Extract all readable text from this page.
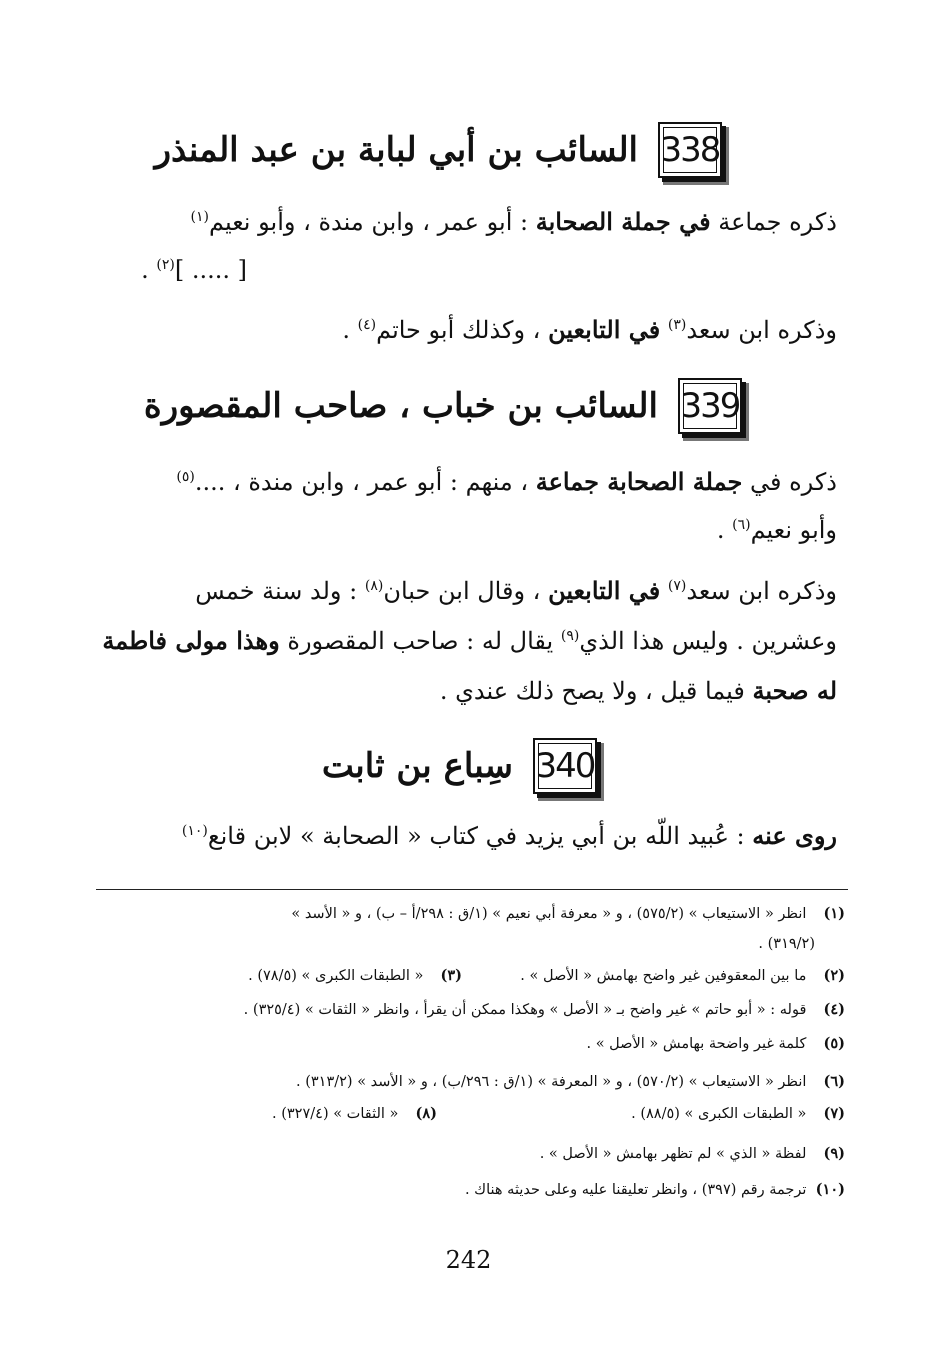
338
السائب بن أبي لبابة بن عبد المنذر
ذكره جماعة في جملة الصحابة : أبو عمر ، وابن مندة ، وأبو نعيم$^{(١)}$
[ ..... ]$^{(٢)}$ .
وذكره ابن سعد$^{(٣)}$ في التابعين ، وكذلك أبو حاتم$^{(٤)}$ .
339
السائب بن خباب ، صاحب المقصورة
ذكره في جملة الصحابة جماعة ، منهم : أبو عمر ، وابن مندة ، ....$^{(٥)}$
وأبو نعيم$^{(٦)}$ .
وذكره ابن سعد$^{(٧)}$ في التابعين ، وقال ابن حبان$^{(٨)}$ : ولد سنة خمس
وعشرين . وليس هذا الذي$^{(٩)}$ يقال له : صاحب المقصورة وهذا مولى فاطمة
له صحبة فيما قيل ، ولا يصح ذلك عندي .
340
سِباع بن ثابت
روى عنه : عُبيد اللّه بن أبي يزيد في كتاب « الصحابة » لابن قانع$^{(١٠)}$
(١) انظر « الاستيعاب » (٥٧٥/٢) ، و « معرفة أبي نعيم » (١/ق : ٢٩٨/أ – ب) ، و « الأسد »
(٣١٩/٢) .
(٢) ما بين المعقوفين غير واضح بهامش « الأصل » .
(٣) « الطبقات الكبرى » (٧٨/٥) .
(٤) قوله : « أبو حاتم » غير واضح بـ « الأصل » وهكذا ممكن أن يقرأ ، وانظر « الثقات » (٣٢٥/٤) .
(٥) كلمة غير واضحة بهامش « الأصل » .
(٦) انظر « الاستيعاب » (٥٧٠/٢) ، و « المعرفة » (١/ق : ٢٩٦/ب) ، و « الأسد » (٣١٣/٢) .
(٧) « الطبقات الكبرى » (٨٨/٥) .
(٨) « الثقات » (٣٢٧/٤) .
(٩) لفظة « الذي » لم تظهر بهامش « الأصل » .
(١٠) ترجمة رقم (٣٩٧) ، وانظر تعليقنا عليه وعلى حديثه هناك .
242
